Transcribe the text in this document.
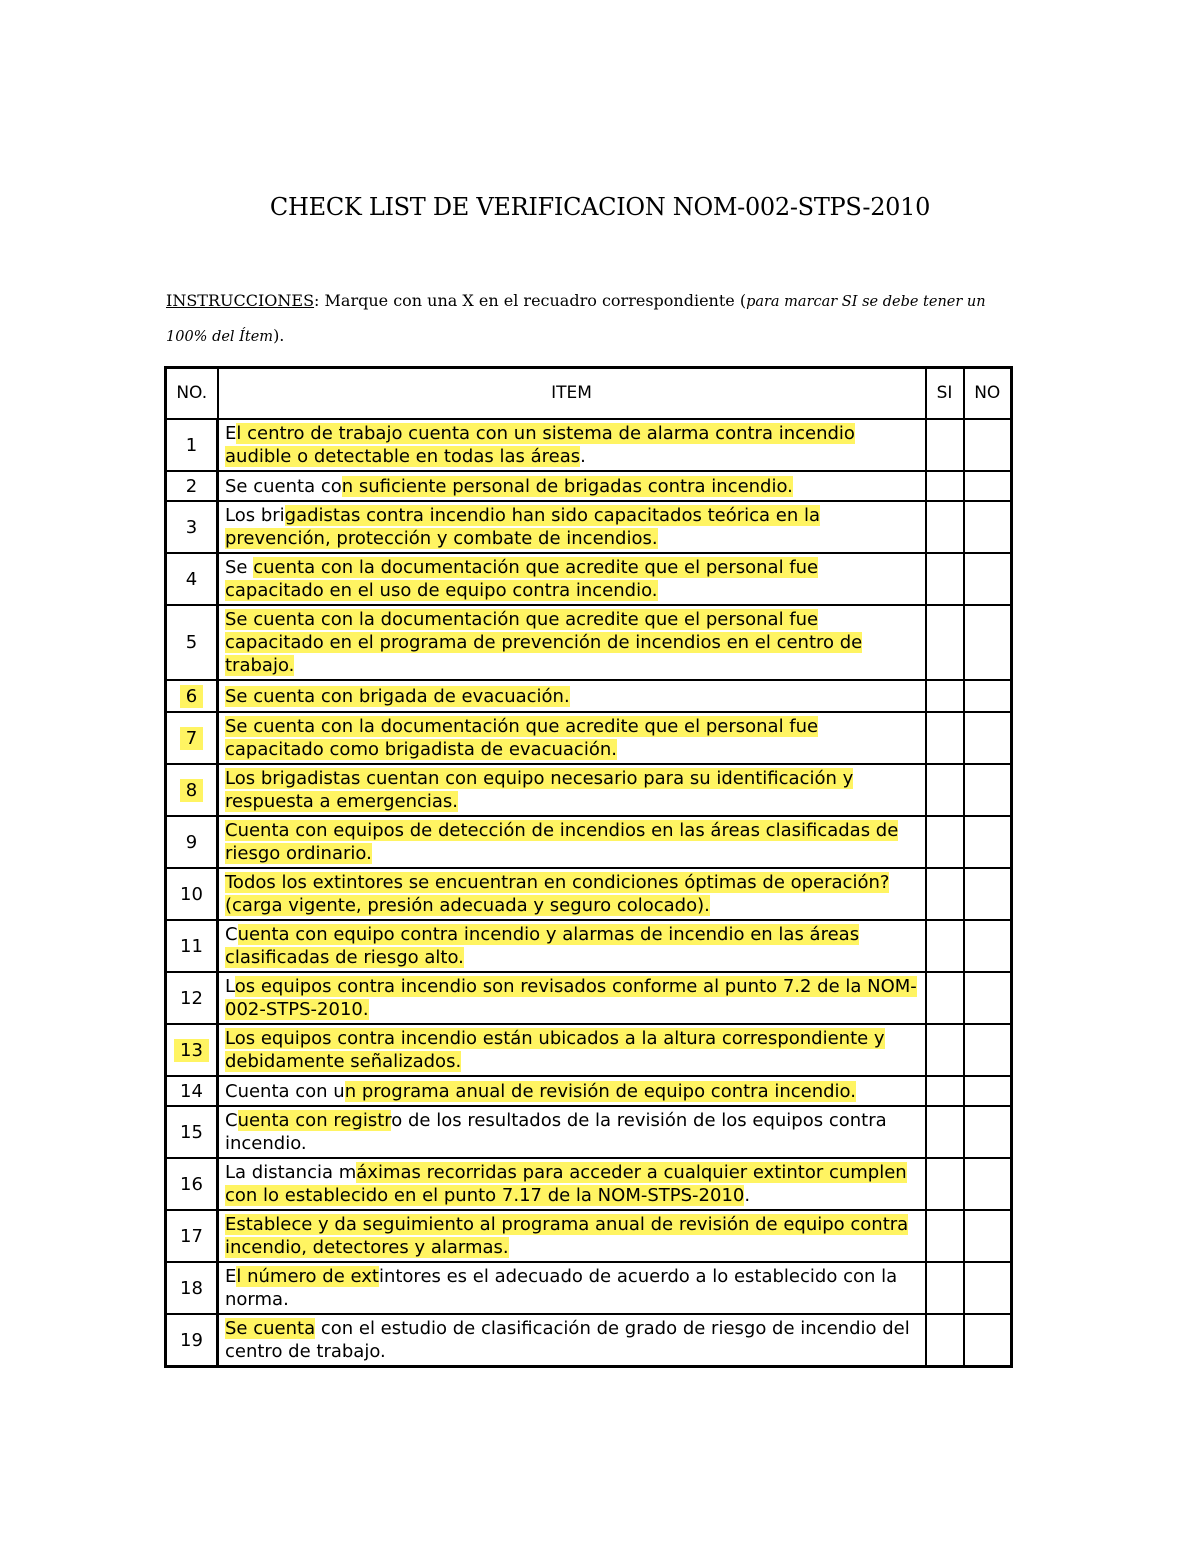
CHECK LIST DE VERIFICACION NOM-002-STPS-2010
INSTRUCCIONES: Marque con una X en el recuadro correspondiente (para marcar SI se debe tener un 100% del Ítem).
NO.	ITEM	SI	NO
1	El centro de trabajo cuenta con un sistema de alarma contra incendio audible o detectable en todas las áreas.		
2	Se cuenta con suficiente personal de brigadas contra incendio.		
3	Los brigadistas contra incendio han sido capacitados teórica en la prevención, protección y combate de incendios.		
4	Se cuenta con la documentación que acredite que el personal fue capacitado en el uso de equipo contra incendio.		
5	Se cuenta con la documentación que acredite que el personal fue capacitado en el programa de prevención de incendios en el centro de trabajo.		
6	Se cuenta con brigada de evacuación.		
7	Se cuenta con la documentación que acredite que el personal fue capacitado como brigadista de evacuación.		
8	Los brigadistas cuentan con equipo necesario para su identificación y respuesta a emergencias.		
9	Cuenta con equipos de detección de incendios en las áreas clasificadas de riesgo ordinario.		
10	Todos los extintores se encuentran en condiciones óptimas de operación? (carga vigente, presión adecuada y seguro colocado).		
11	Cuenta con equipo contra incendio y alarmas de incendio en las áreas clasificadas de riesgo alto.		
12	Los equipos contra incendio son revisados conforme al punto 7.2 de la NOM-002-STPS-2010.		
13	Los equipos contra incendio están ubicados a la altura correspondiente y debidamente señalizados.		
14	Cuenta con un programa anual de revisión de equipo contra incendio.		
15	Cuenta con registro de los resultados de la revisión de los equipos contra incendio.		
16	La distancia máximas recorridas para acceder a cualquier extintor cumplen con lo establecido en el punto 7.17 de la NOM-STPS-2010.		
17	Establece y da seguimiento al programa anual de revisión de equipo contra incendio, detectores y alarmas.		
18	El número de extintores es el adecuado de acuerdo a lo establecido con la norma.		
19	Se cuenta con el estudio de clasificación de grado de riesgo de incendio del centro de trabajo.		
